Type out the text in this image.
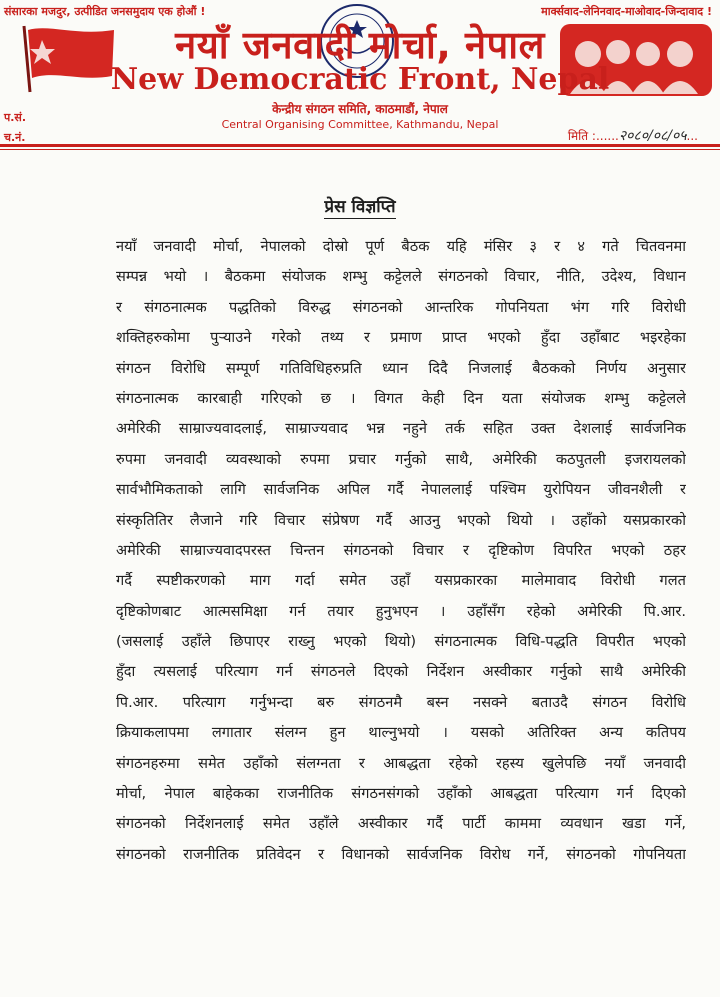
संसारका मजदुर, उत्पीडित जनसमुदाय एक होऔं !	मार्क्सवाद-लेनिनवाद-माओवाद-जिन्दावाद !
नयाँ जनवादी मोर्चा, नेपाल
New Democratic Front, Nepal
केन्द्रीय संगठन समिति, काठमाडौं, नेपाल
Central Organising Committee, Kathmandu, Nepal
प.सं.
च.नं.	मिति :......२०८०/०८/०५...
प्रेस विज्ञप्ति
नयाँ जनवादी मोर्चा, नेपालको दोस्रो पूर्ण बैठक यहि मंसिर ३ र ४ गते चितवनमा
सम्पन्न भयो । बैठकमा संयोजक शम्भु कट्टेलले संगठनको विचार, नीति, उदेश्य, विधान
र संगठनात्मक पद्धतिको विरुद्ध संगठनको आन्तरिक गोपनियता भंग गरि विरोधी
शक्तिहरुकोमा पुर्‍याउने गरेको तथ्य र प्रमाण प्राप्त भएको हुँदा उहाँबाट भइरहेका
संगठन विरोधि सम्पूर्ण गतिविधिहरुप्रति ध्यान दिदै निजलाई बैठकको निर्णय अनुसार
संगठनात्मक कारबाही गरिएको छ । विगत केही दिन यता संयोजक शम्भु कट्टेलले
अमेरिकी साम्राज्यवादलाई, साम्राज्यवाद भन्न नहुने तर्क सहित उक्त देशलाई सार्वजनिक
रुपमा जनवादी व्यवस्थाको रुपमा प्रचार गर्नुको साथै, अमेरिकी कठपुतली इजरायलको
सार्वभौमिकताको लागि सार्वजनिक अपिल गर्दै नेपाललाई पश्चिम युरोपियन जीवनशैली र
संस्कृतितिर लैजाने गरि विचार संप्रेषण गर्दै आउनु भएको थियो । उहाँको यसप्रकारको
अमेरिकी साम्राज्यवादपरस्त चिन्तन संगठनको विचार र दृष्टिकोण विपरित भएको ठहर
गर्दै स्पष्टीकरणको माग गर्दा समेत उहाँ यसप्रकारका मालेमावाद विरोधी गलत
दृष्टिकोणबाट आत्मसमिक्षा गर्न तयार हुनुभएन । उहाँसँग रहेको अमेरिकी पि.आर.
(जसलाई उहाँले छिपाएर राख्नु भएको थियो) संगठनात्मक विधि-पद्धति विपरीत भएको
हुँदा त्यसलाई परित्याग गर्न संगठनले दिएको निर्देशन अस्वीकार गर्नुको साथै अमेरिकी
पि.आर. परित्याग गर्नुभन्दा बरु संगठनमै बस्न नसक्ने बताउदै संगठन विरोधि
क्रियाकलापमा लगातार संलग्न हुन थाल्नुभयो । यसको अतिरिक्त अन्य कतिपय
संगठनहरुमा समेत उहाँको संलग्नता र आबद्धता रहेको रहस्य खुलेपछि नयाँ जनवादी
मोर्चा, नेपाल बाहेकका राजनीतिक संगठनसंगको उहाँको आबद्धता परित्याग गर्न दिएको
संगठनको निर्देशनलाई समेत उहाँले अस्वीकार गर्दै पार्टी काममा व्यवधान खडा गर्ने,
संगठनको राजनीतिक प्रतिवेदन र विधानको सार्वजनिक विरोध गर्ने, संगठनको गोपनियता
